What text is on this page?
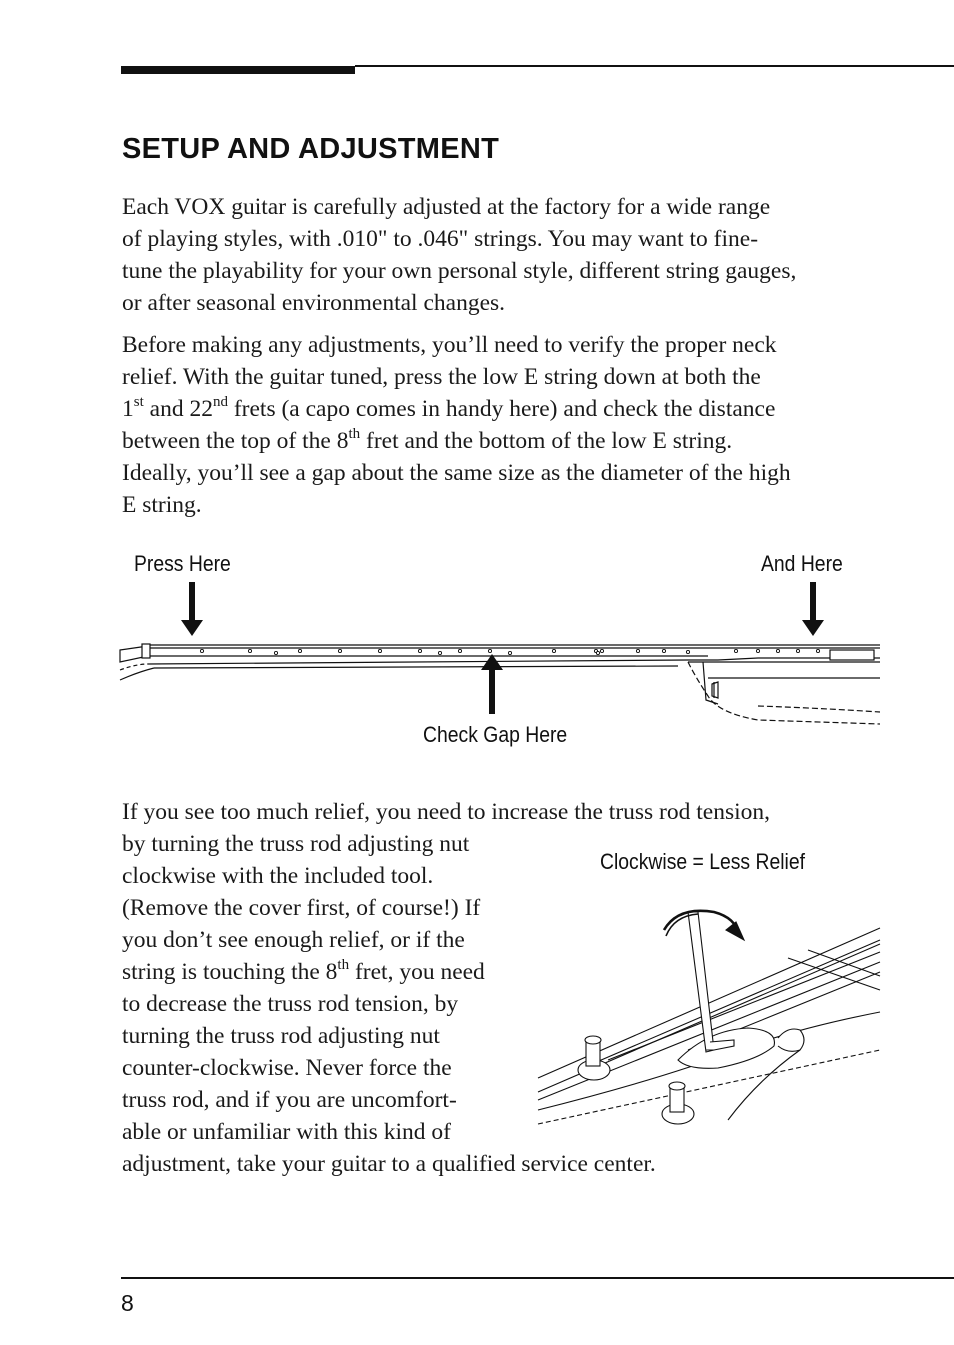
SETUP AND ADJUSTMENT

Each VOX guitar is carefully adjusted at the factory for a wide range
of playing styles, with .010" to .046" strings. You may want to fine-
tune the playability for your own personal style, different string gauges,
or after seasonal environmental changes.

Before making any adjustments, you’ll need to verify the proper neck
relief. With the guitar tuned, press the low E string down at both the
1st and 22nd frets (a capo comes in handy here) and check the distance
between the top of the 8th fret and the bottom of the low E string.
Ideally, you’ll see a gap about the same size as the diameter of the high
E string.

Press Here	And Here
Check Gap Here

If you see too much relief, you need to increase the truss rod tension,
by turning the truss rod adjusting nut
clockwise with the included tool.
(Remove the cover first, of course!) If
you don’t see enough relief, or if the
string is touching the 8th fret, you need
to decrease the truss rod tension, by
turning the truss rod adjusting nut
counter-clockwise. Never force the
truss rod, and if you are uncomfort-
able or unfamiliar with this kind of
adjustment, take your guitar to a qualified service center.

Clockwise = Less Relief
8
